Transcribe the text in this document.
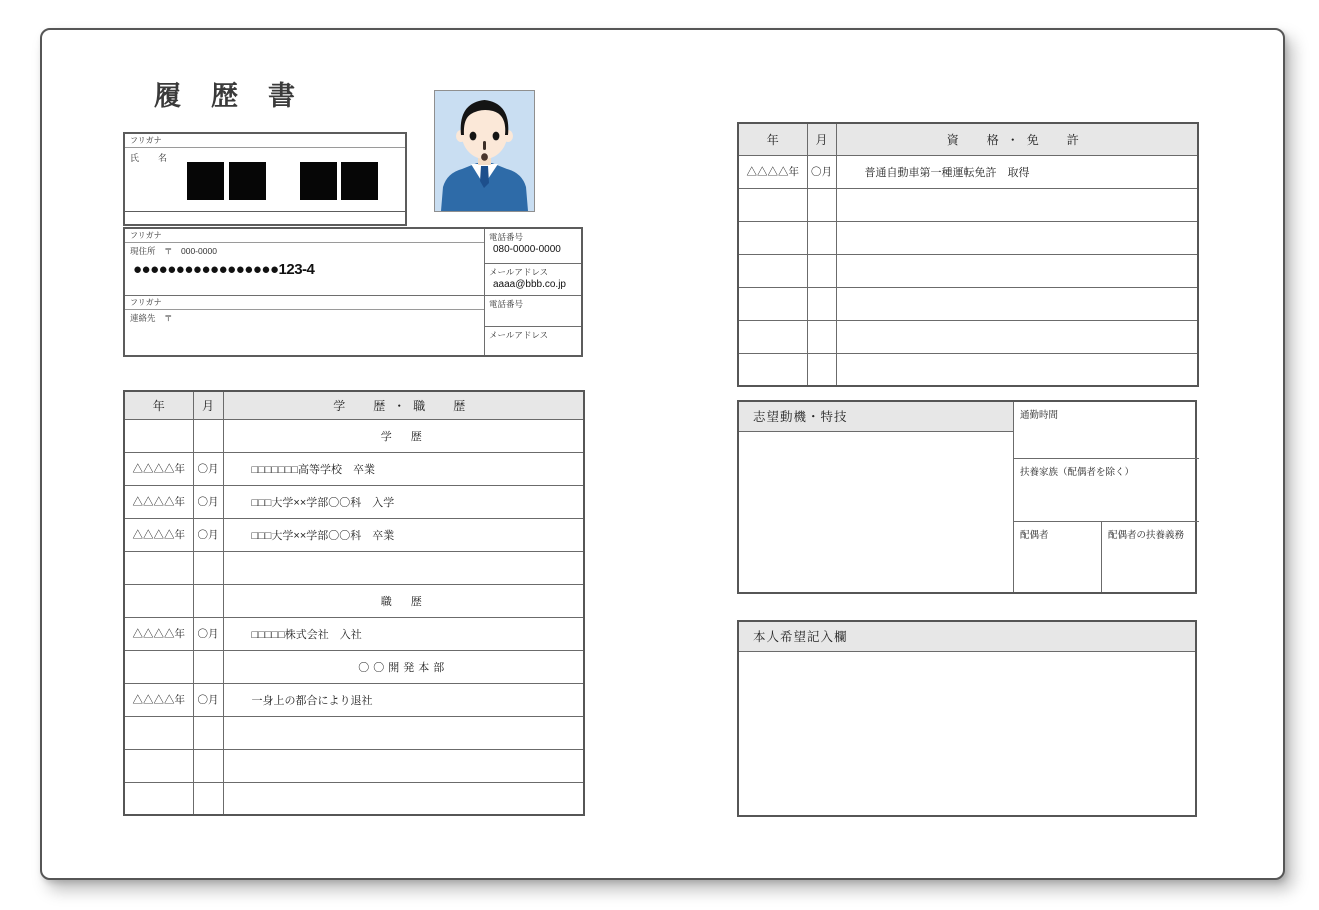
履歴書
フリガナ
氏　名
フリガナ
現住所　〒　000-0000
●●●●●●●●●●●●●●●●●123-4
フリガナ
連絡先　〒
電話番号
080-0000-0000
メールアドレス
aaaa@bbb.co.jp
電話番号
メールアドレス
年	月	学　歴・職　歴
		学　歴
△△△△年	〇月	□□□□□□□高等学校　卒業
△△△△年	〇月	□□□大学××学部〇〇科　入学
△△△△年	〇月	□□□大学××学部〇〇科　卒業

		職　歴
△△△△年	〇月	□□□□□株式会社　入社
		〇〇開発本部
△△△△年	〇月	一身上の都合により退社

年	月	資　格・免　許
△△△△年	〇月	普通自動車第一種運転免許　取得

志望動機・特技	通勤時間
扶養家族（配偶者を除く）
配偶者	配偶者の扶養義務
本人希望記入欄
